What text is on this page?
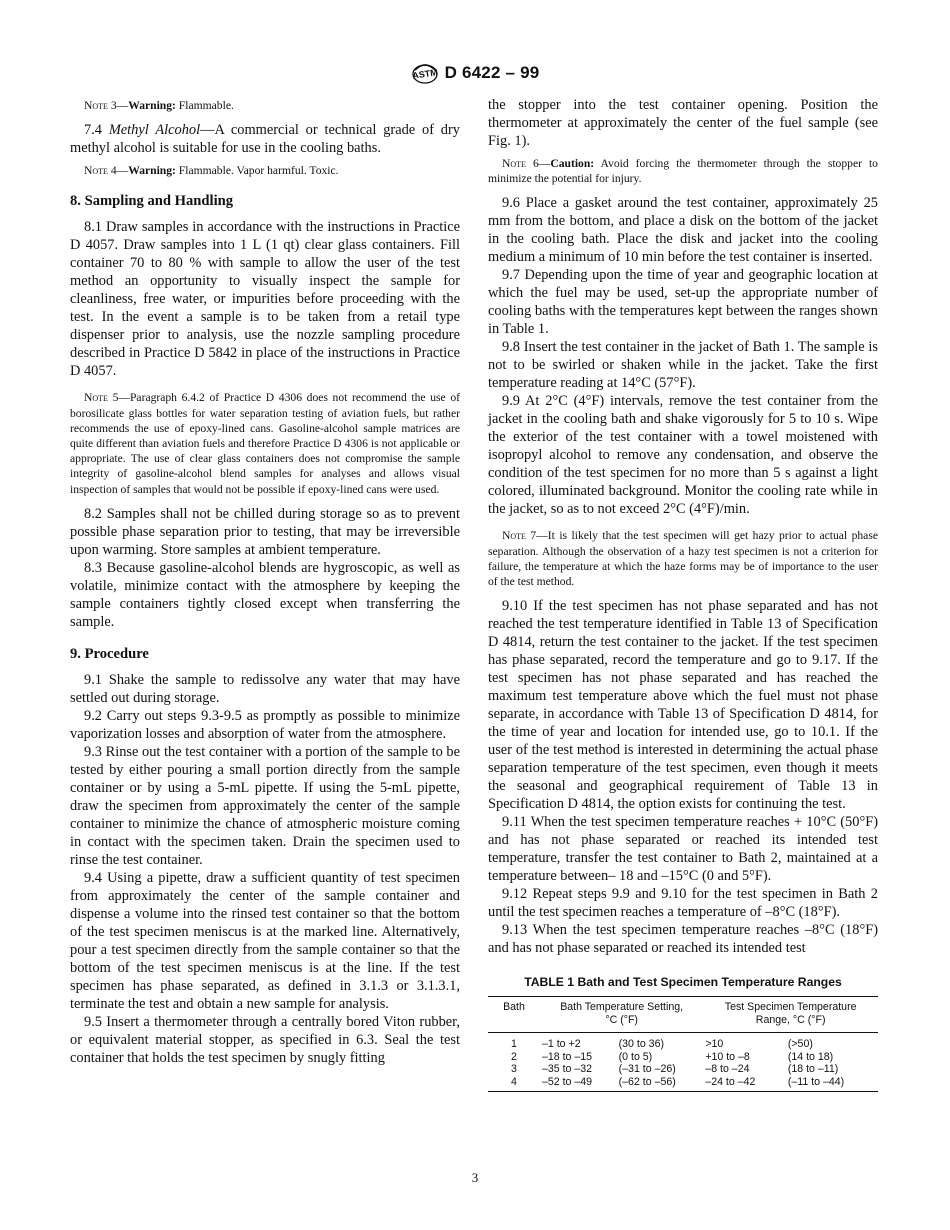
ASTM D 6422 – 99

Note 3—Warning: Flammable.

7.4 Methyl Alcohol—A commercial or technical grade of dry methyl alcohol is suitable for use in the cooling baths.

Note 4—Warning: Flammable. Vapor harmful. Toxic.

8. Sampling and Handling

8.1 Draw samples in accordance with the instructions in Practice D 4057. Draw samples into 1 L (1 qt) clear glass containers. Fill container 70 to 80 % with sample to allow the user of the test method an opportunity to visually inspect the sample for cleanliness, free water, or impurities before proceeding with the test. In the event a sample is to be taken from a retail type dispenser prior to analysis, use the nozzle sampling procedure described in Practice D 5842 in place of the instructions in Practice D 4057.

Note 5—Paragraph 6.4.2 of Practice D 4306 does not recommend the use of borosilicate glass bottles for water separation testing of aviation fuels, but rather recommends the use of epoxy-lined cans. Gasoline-alcohol sample matrices are quite different than aviation fuels and therefore Practice D 4306 is not applicable or appropriate. The use of clear glass containers does not compromise the sample integrity of gasoline-alcohol blend samples for analyses and allows visual inspection of samples that would not be possible if epoxy-lined cans were used.

8.2 Samples shall not be chilled during storage so as to prevent possible phase separation prior to testing, that may be irreversible upon warming. Store samples at ambient temperature.

8.3 Because gasoline-alcohol blends are hygroscopic, as well as volatile, minimize contact with the atmosphere by keeping the sample containers tightly closed except when transferring the sample.

9. Procedure

9.1 Shake the sample to redissolve any water that may have settled out during storage.

9.2 Carry out steps 9.3-9.5 as promptly as possible to minimize vaporization losses and absorption of water from the atmosphere.

9.3 Rinse out the test container with a portion of the sample to be tested by either pouring a small portion directly from the sample container or by using a 5-mL pipette. If using the 5-mL pipette, draw the specimen from approximately the center of the sample container to minimize the chance of atmospheric moisture coming in contact with the specimen taken. Drain the specimen used to rinse the test container.

9.4 Using a pipette, draw a sufficient quantity of test specimen from approximately the center of the sample container and dispense a volume into the rinsed test container so that the bottom of the test specimen meniscus is at the marked line. Alternatively, pour a test specimen directly from the sample container so that the bottom of the test specimen meniscus is at the line. If the test specimen has phase separated, as defined in 3.1.3 or 3.1.3.1, terminate the test and obtain a new sample for analysis.

9.5 Insert a thermometer through a centrally bored Viton rubber, or equivalent material stopper, as specified in 6.3. Seal the test container that holds the test specimen by snugly fitting

the stopper into the test container opening. Position the thermometer at approximately the center of the fuel sample (see Fig. 1).

Note 6—Caution: Avoid forcing the thermometer through the stopper to minimize the potential for injury.

9.6 Place a gasket around the test container, approximately 25 mm from the bottom, and place a disk on the bottom of the jacket in the cooling bath. Place the disk and jacket into the cooling medium a minimum of 10 min before the test container is inserted.

9.7 Depending upon the time of year and geographic location at which the fuel may be used, set-up the appropriate number of cooling baths with the temperatures kept between the ranges shown in Table 1.

9.8 Insert the test container in the jacket of Bath 1. The sample is not to be swirled or shaken while in the jacket. Take the first temperature reading at 14°C (57°F).

9.9 At 2°C (4°F) intervals, remove the test container from the jacket in the cooling bath and shake vigorously for 5 to 10 s. Wipe the exterior of the test container with a towel moistened with isopropyl alcohol to remove any condensation, and observe the condition of the test specimen for no more than 5 s against a light colored, illuminated background. Monitor the cooling rate while in the jacket, so as to not exceed 2°C (4°F)/min.

Note 7—It is likely that the test specimen will get hazy prior to actual phase separation. Although the observation of a hazy test specimen is not a criterion for failure, the temperature at which the haze forms may be of importance to the user of the test method.

9.10 If the test specimen has not phase separated and has not reached the test temperature identified in Table 13 of Specification D 4814, return the test container to the jacket. If the test specimen has phase separated, record the temperature and go to 9.17. If the test specimen has not phase separated and has reached the maximum test temperature above which the fuel must not phase separate, in accordance with Table 13 of Specification D 4814, for the time of year and location for intended use, go to 10.1. If the user of the test method is interested in determining the actual phase separation temperature of the test specimen, even though it meets the seasonal and geographical requirement of Table 13 in Specification D 4814, the option exists for continuing the test.

9.11 When the test specimen temperature reaches + 10°C (50°F) and has not phase separated or reached its intended test temperature, transfer the test container to Bath 2, maintained at a temperature between– 18 and –15°C (0 and 5°F).

9.12 Repeat steps 9.9 and 9.10 for the test specimen in Bath 2 until the test specimen reaches a temperature of –8°C (18°F).

9.13 When the test specimen temperature reaches –8°C (18°F) and has not phase separated or reached its intended test

TABLE 1 Bath and Test Specimen Temperature Ranges

Bath	Bath Temperature Setting,
°C (°F)		Test Specimen Temperature
Range, °C (°F)	
1	–1 to +2	(30 to 36)	>10	(>50)
2	–18 to –15	(0 to 5)	+10 to –8	(14 to 18)
3	–35 to –32	(–31 to –26)	–8 to –24	(18 to –11)
4	–52 to –49	(–62 to –56)	–24 to –42	(–11 to –44)
3
